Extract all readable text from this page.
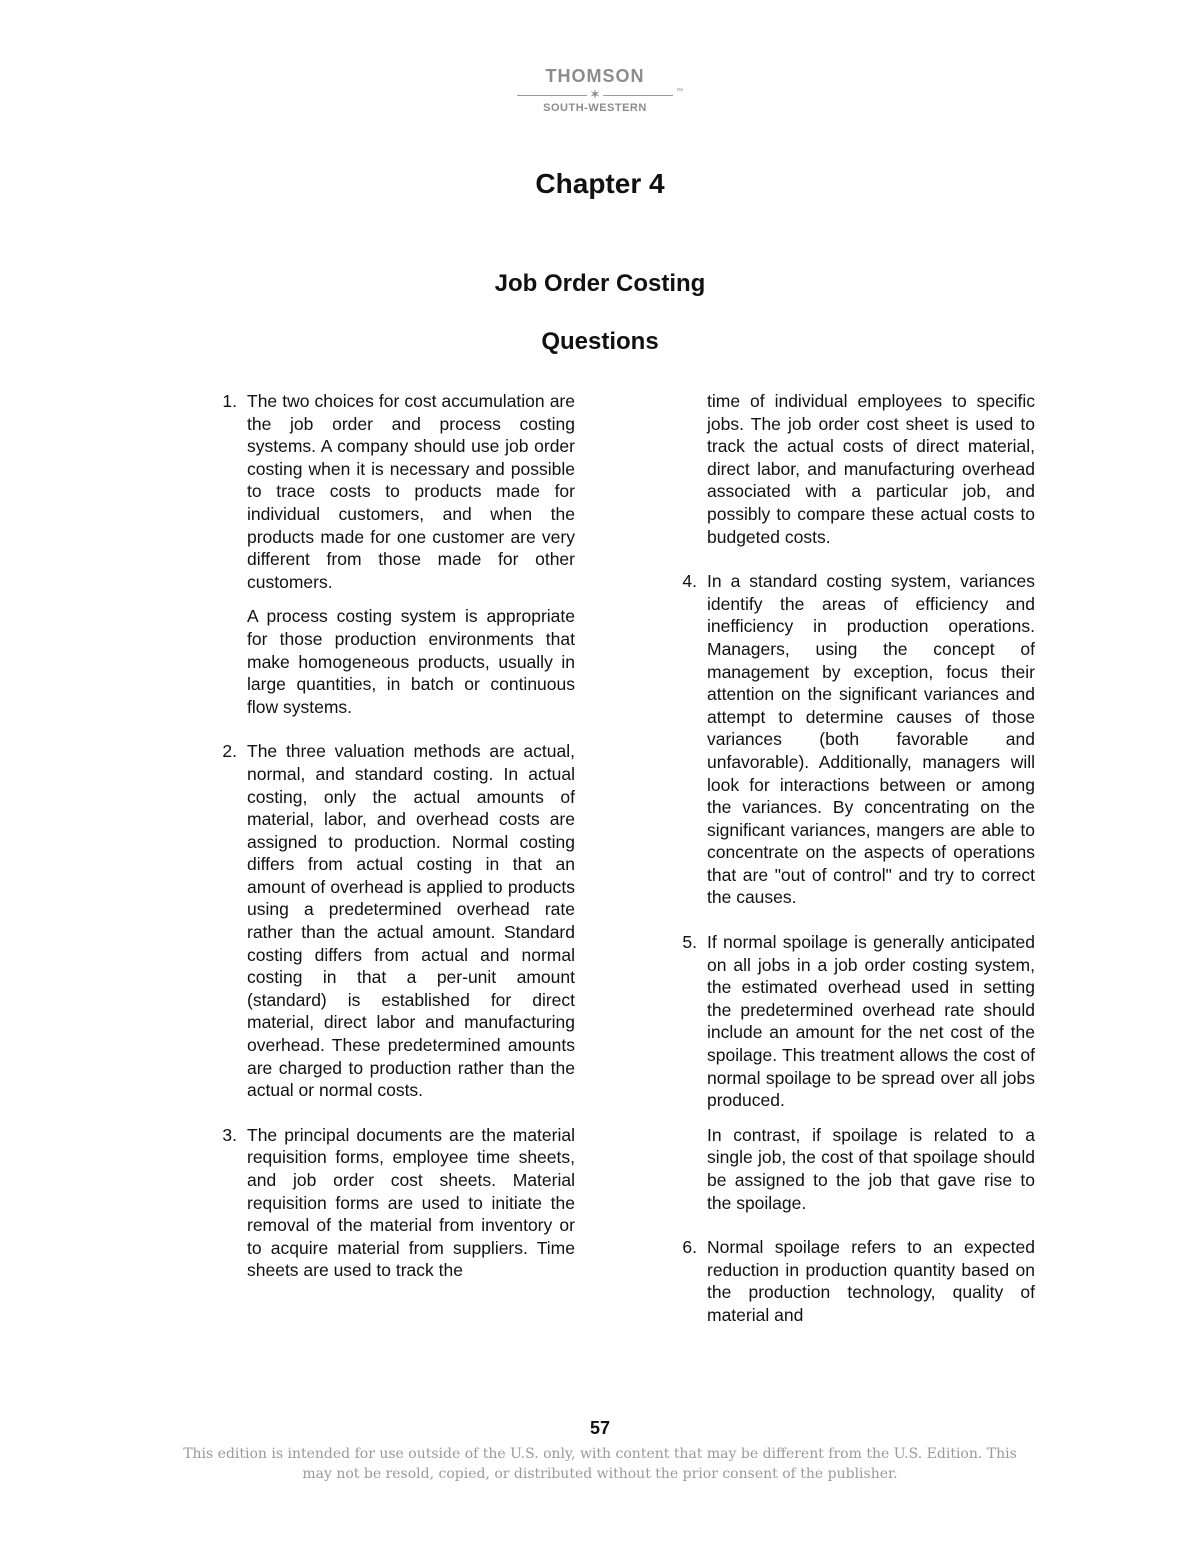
THOMSON
✶	™
SOUTH-WESTERN
Chapter 4
Job Order Costing
Questions
1. The two choices for cost accumulation are the job order and process costing systems. A company should use job order costing when it is necessary and possible to trace costs to products made for individual customers, and when the products made for one customer are very different from those made for other customers.
A process costing system is appropriate for those production environments that make homogeneous products, usually in large quantities, in batch or continuous flow systems.
2. The three valuation methods are actual, normal, and standard costing. In actual costing, only the actual amounts of material, labor, and overhead costs are assigned to production. Normal costing differs from actual costing in that an amount of overhead is applied to products using a predetermined overhead rate rather than the actual amount. Standard costing differs from actual and normal costing in that a per-unit amount (standard) is established for direct material, direct labor and manufacturing overhead. These predetermined amounts are charged to production rather than the actual or normal costs.
3. The principal documents are the material requisition forms, employee time sheets, and job order cost sheets. Material requisition forms are used to initiate the removal of the material from inventory or to acquire material from suppliers. Time sheets are used to track the
time of individual employees to specific jobs. The job order cost sheet is used to track the actual costs of direct material, direct labor, and manufacturing overhead associated with a particular job, and possibly to compare these actual costs to budgeted costs.
4. In a standard costing system, variances identify the areas of efficiency and inefficiency in production operations. Managers, using the concept of management by exception, focus their attention on the significant variances and attempt to determine causes of those variances (both favorable and unfavorable). Additionally, managers will look for interactions between or among the variances. By concentrating on the significant variances, mangers are able to concentrate on the aspects of operations that are "out of control" and try to correct the causes.
5. If normal spoilage is generally anticipated on all jobs in a job order costing system, the estimated overhead used in setting the predetermined overhead rate should include an amount for the net cost of the spoilage. This treatment allows the cost of normal spoilage to be spread over all jobs produced.
In contrast, if spoilage is related to a single job, the cost of that spoilage should be assigned to the job that gave rise to the spoilage.
6. Normal spoilage refers to an expected reduction in production quantity based on the production technology, quality of material and
57
This edition is intended for use outside of the U.S. only, with content that may be different from the U.S. Edition. This may not be resold, copied, or distributed without the prior consent of the publisher.
